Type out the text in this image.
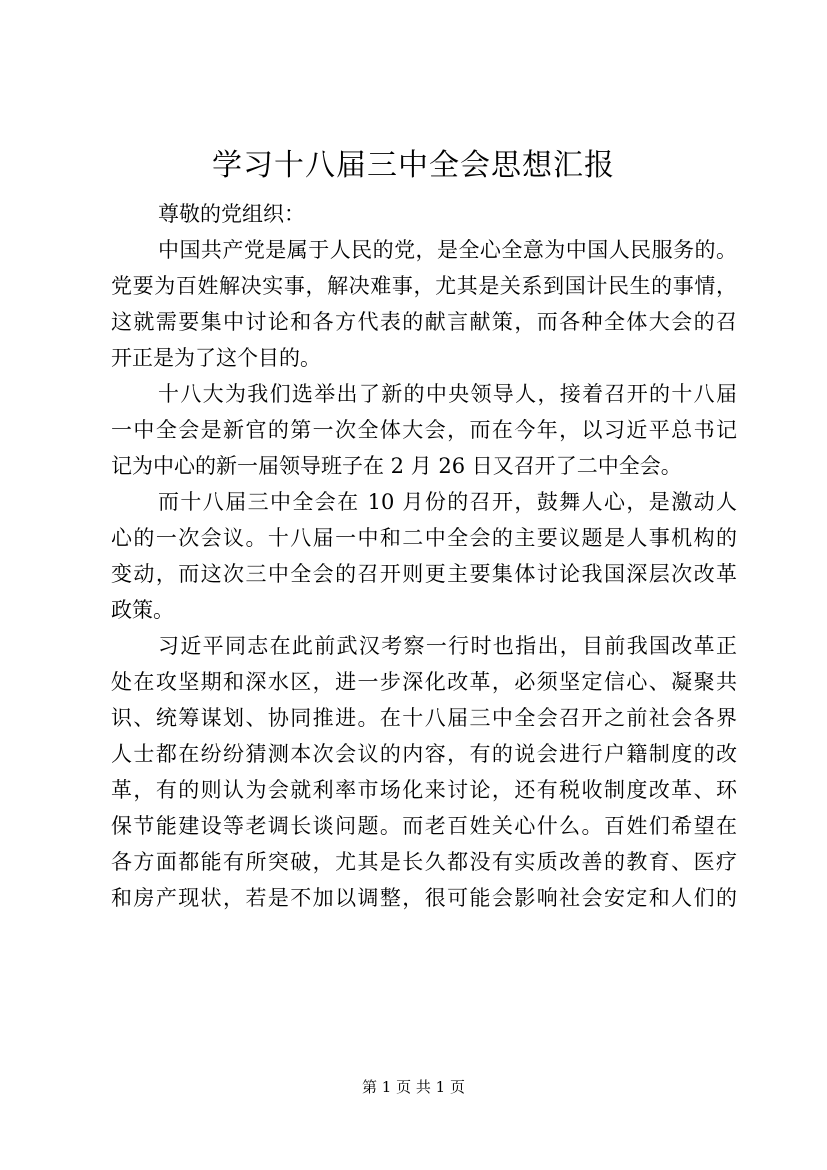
学习十八届三中全会思想汇报
尊敬的党组织：
中国共产党是属于人民的党，是全心全意为中国人民服务的。
党要为百姓解决实事，解决难事，尤其是关系到国计民生的事情，
这就需要集中讨论和各方代表的献言献策，而各种全体大会的召
开正是为了这个目的。
十八大为我们选举出了新的中央领导人，接着召开的十八届
一中全会是新官的第一次全体大会，而在今年，以习近平总书记
记为中心的新一届领导班子在 2 月 26 日又召开了二中全会。
而十八届三中全会在 10 月份的召开，鼓舞人心，是激动人
心的一次会议。十八届一中和二中全会的主要议题是人事机构的
变动，而这次三中全会的召开则更主要集体讨论我国深层次改革
政策。
习近平同志在此前武汉考察一行时也指出，目前我国改革正
处在攻坚期和深水区，进一步深化改革，必须坚定信心、凝聚共
识、统筹谋划、协同推进。在十八届三中全会召开之前社会各界
人士都在纷纷猜测本次会议的内容，有的说会进行户籍制度的改
革，有的则认为会就利率市场化来讨论，还有税收制度改革、环
保节能建设等老调长谈问题。而老百姓关心什么。百姓们希望在
各方面都能有所突破，尤其是长久都没有实质改善的教育、医疗
和房产现状，若是不加以调整，很可能会影响社会安定和人们的
第 1 页 共 1 页
